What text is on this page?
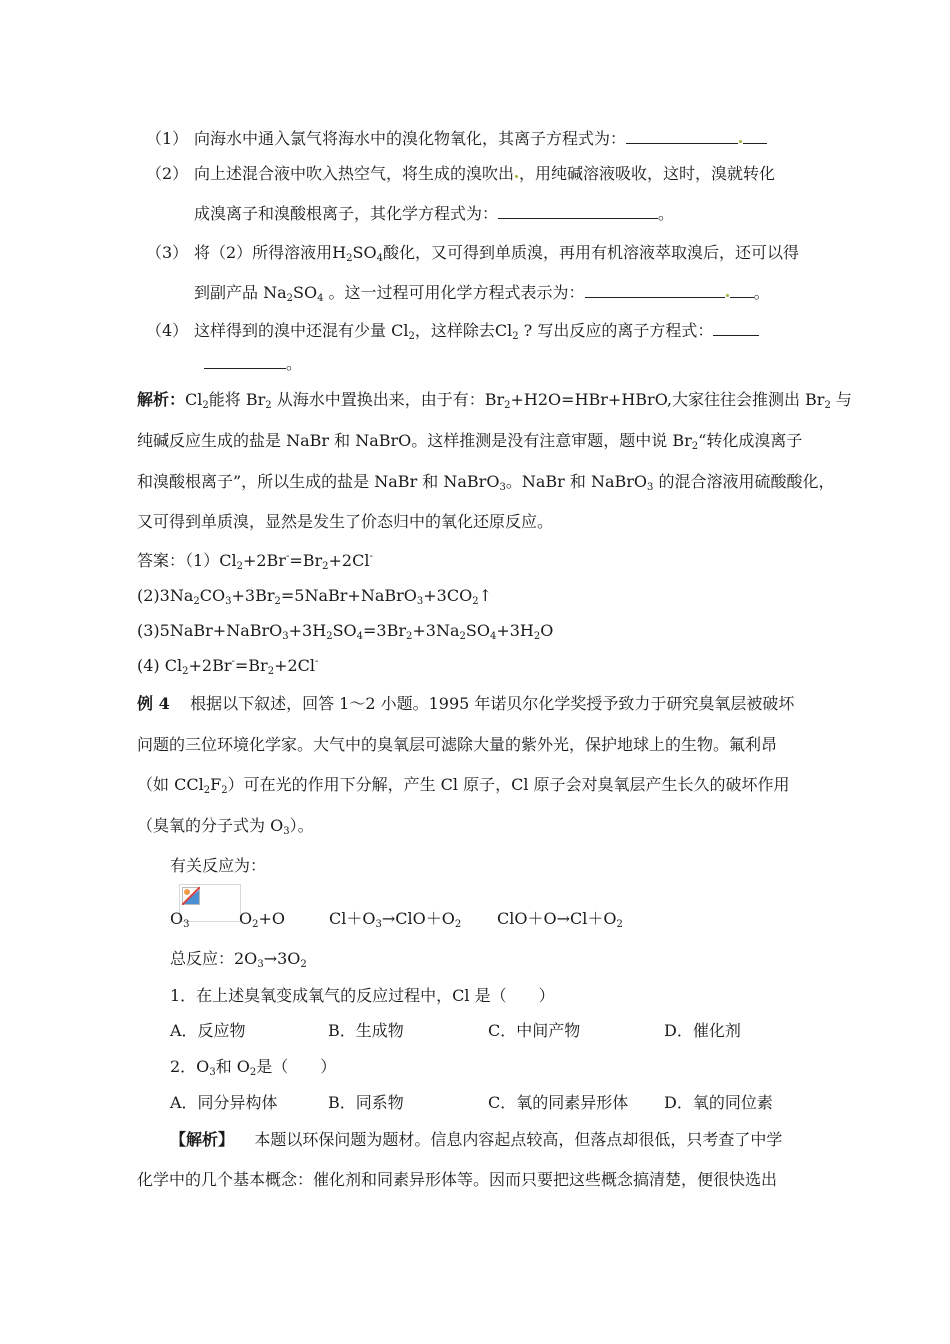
（1） 向海水中通入氯气将海水中的溴化物氧化，其离子方程式为：
（2） 向上述混合液中吹入热空气，将生成的溴吹出 ，用纯碱溶液吸收，这时，溴就转化
成溴离子和溴酸根离子，其化学方程式为：	。
（3） 将（2）所得溶液用$H_2SO_4$酸化，又可得到单质溴，再用有机溶液萃取溴后，还可以得
到副产品 $Na_2SO_4$ 。这一过程可用化学方程式表示为：	。
（4） 这样得到的溴中还混有少量 $Cl_2$，这样除去$Cl_2$ ? 写出反应的离子方程式：
。
解析：$Cl_2$能将 $Br_2$ 从海水中置换出来，由于有：$Br_2+H2O=HBr+HBrO$,大家往往会推测出 $Br_2$ 与
纯碱反应生成的盐是 NaBr 和 NaBrO。这样推测是没有注意审题，题中说 $Br_2“$转化成溴离子
和溴酸根离子”，所以生成的盐是 NaBr 和 NaBrO$_3$。NaBr 和 NaBrO$_3$ 的混合溶液用硫酸酸化，
又可得到单质溴，显然是发生了价态归中的氧化还原反应。
答案：$(1)Cl_2+2Br^-=Br_2+2Cl^-$
$(2)3Na_2CO_3+3Br_2=5NaBr+NaBrO_3+3CO_2↑$
$(3)5NaBr+NaBrO_3+3H_2SO_4=3Br_2+3Na_2SO_4+3H_2O$
(4) $Cl_2+2Br^-=Br_2+2Cl^-$
例 4 根据以下叙述，回答 1～2 小题。1995 年诺贝尔化学奖授予致力于研究臭氧层被破坏
问题的三位环境化学家。大气中的臭氧层可滤除大量的紫外光，保护地球上的生物。氟利昂
（如 $CCl_2F_2$）可在光的作用下分解，产生 Cl 原子，Cl 原子会对臭氧层产生长久的破坏作用
（臭氧的分子式为 $O_3$）。
有关反应为：
$O_3$	$O_2+O$	$Cl+O_3\to ClO+O_2$ $ClO+O\to Cl+O_2$
总反应：$2O_3\to 3O_2$
1．在上述臭氧变成氧气的反应过程中，Cl 是（　　）
A．反应物	B．生成物	C．中间产物	D．催化剂
2．$O_3$和 $O_2$是（　　）
A．同分异构体	B．同系物	C．氧的同素异形体 D．氧的同位素
【解析】 本题以环保问题为题材。信息内容起点较高，但落点却很低，只考查了中学
化学中的几个基本概念：催化剂和同素异形体等。因而只要把这些概念搞清楚，便很快选出
